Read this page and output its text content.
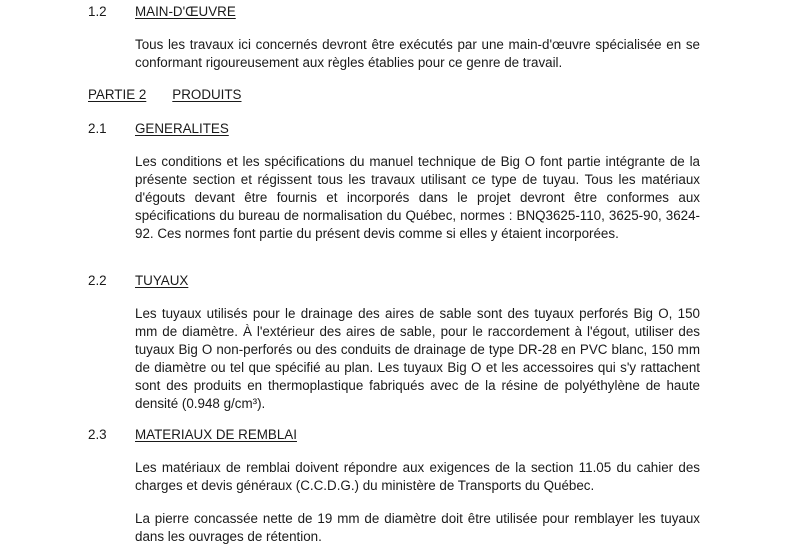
1.2 MAIN-D'ŒUVRE
Tous les travaux ici concernés devront être exécutés par une main-d'œuvre spécialisée en se conformant rigoureusement aux règles établies pour ce genre de travail.
PARTIE 2 PRODUITS
2.1 GENERALITES
Les conditions et les spécifications du manuel technique de Big O font partie intégrante de la présente section et régissent tous les travaux utilisant ce type de tuyau. Tous les matériaux d'égouts devant être fournis et incorporés dans le projet devront être conformes aux spécifications du bureau de normalisation du Québec, normes : BNQ3625-110, 3625-90, 3624-92. Ces normes font partie du présent devis comme si elles y étaient incorporées.
2.2 TUYAUX
Les tuyaux utilisés pour le drainage des aires de sable sont des tuyaux perforés Big O, 150 mm de diamètre. À l'extérieur des aires de sable, pour le raccordement à l'égout, utiliser des tuyaux Big O non-perforés ou des conduits de drainage de type DR-28 en PVC blanc, 150 mm de diamètre ou tel que spécifié au plan. Les tuyaux Big O et les accessoires qui s'y rattachent sont des produits en thermoplastique fabriqués avec de la résine de polyéthylène de haute densité (0.948 g/cm³).
2.3 MATERIAUX DE REMBLAI
Les matériaux de remblai doivent répondre aux exigences de la section 11.05 du cahier des charges et devis généraux (C.C.D.G.) du ministère de Transports du Québec.
La pierre concassée nette de 19 mm de diamètre doit être utilisée pour remblayer les tuyaux dans les ouvrages de rétention.
